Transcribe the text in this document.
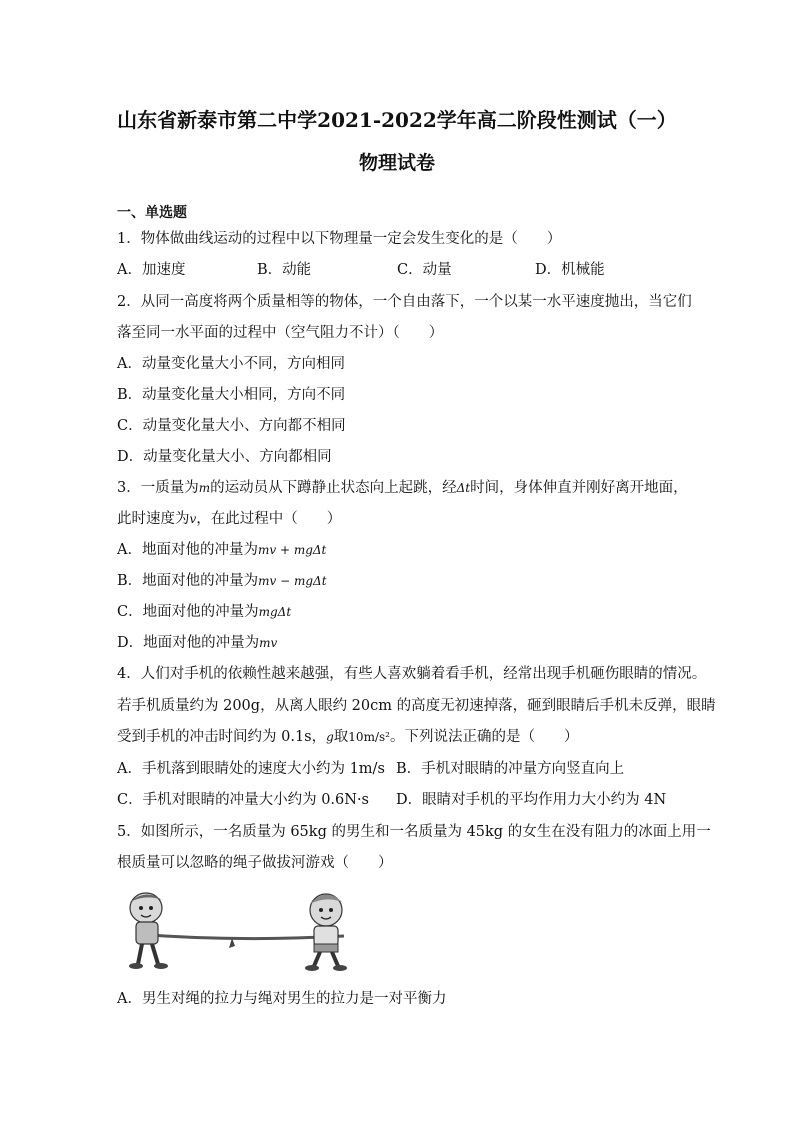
山东省新泰市第二中学2021-2022学年高二阶段性测试（一）
物理试卷
一、单选题
1．物体做曲线运动的过程中以下物理量一定会发生变化的是（　　）
A．加速度	B．动能	C．动量	D．机械能
2．从同一高度将两个质量相等的物体，一个自由落下，一个以某一水平速度抛出，当它们
落至同一水平面的过程中（空气阻力不计）（　　）
A．动量变化量大小不同，方向相同
B．动量变化量大小相同，方向不同
C．动量变化量大小、方向都不相同
D．动量变化量大小、方向都相同
3．一质量为m的运动员从下蹲静止状态向上起跳，经Δt时间，身体伸直并刚好离开地面，
此时速度为v，在此过程中（　　）
A．地面对他的冲量为mv + mgΔt
B．地面对他的冲量为mv − mgΔt
C．地面对他的冲量为mgΔt
D．地面对他的冲量为mv
4．人们对手机的依赖性越来越强，有些人喜欢躺着看手机，经常出现手机砸伤眼睛的情况。
若手机质量约为 200g，从离人眼约 20cm 的高度无初速掉落，砸到眼睛后手机未反弹，眼睛
受到手机的冲击时间约为 0.1s，g取10m/s²。下列说法正确的是（　　）
A．手机落到眼睛处的速度大小约为 1m/s B．手机对眼睛的冲量方向竖直向上
C．手机对眼睛的冲量大小约为 0.6N·s D．眼睛对手机的平均作用力大小约为 4N
5．如图所示，一名质量为 65kg 的男生和一名质量为 45kg 的女生在没有阻力的冰面上用一
根质量可以忽略的绳子做拔河游戏（　　）
A．男生对绳的拉力与绳对男生的拉力是一对平衡力
